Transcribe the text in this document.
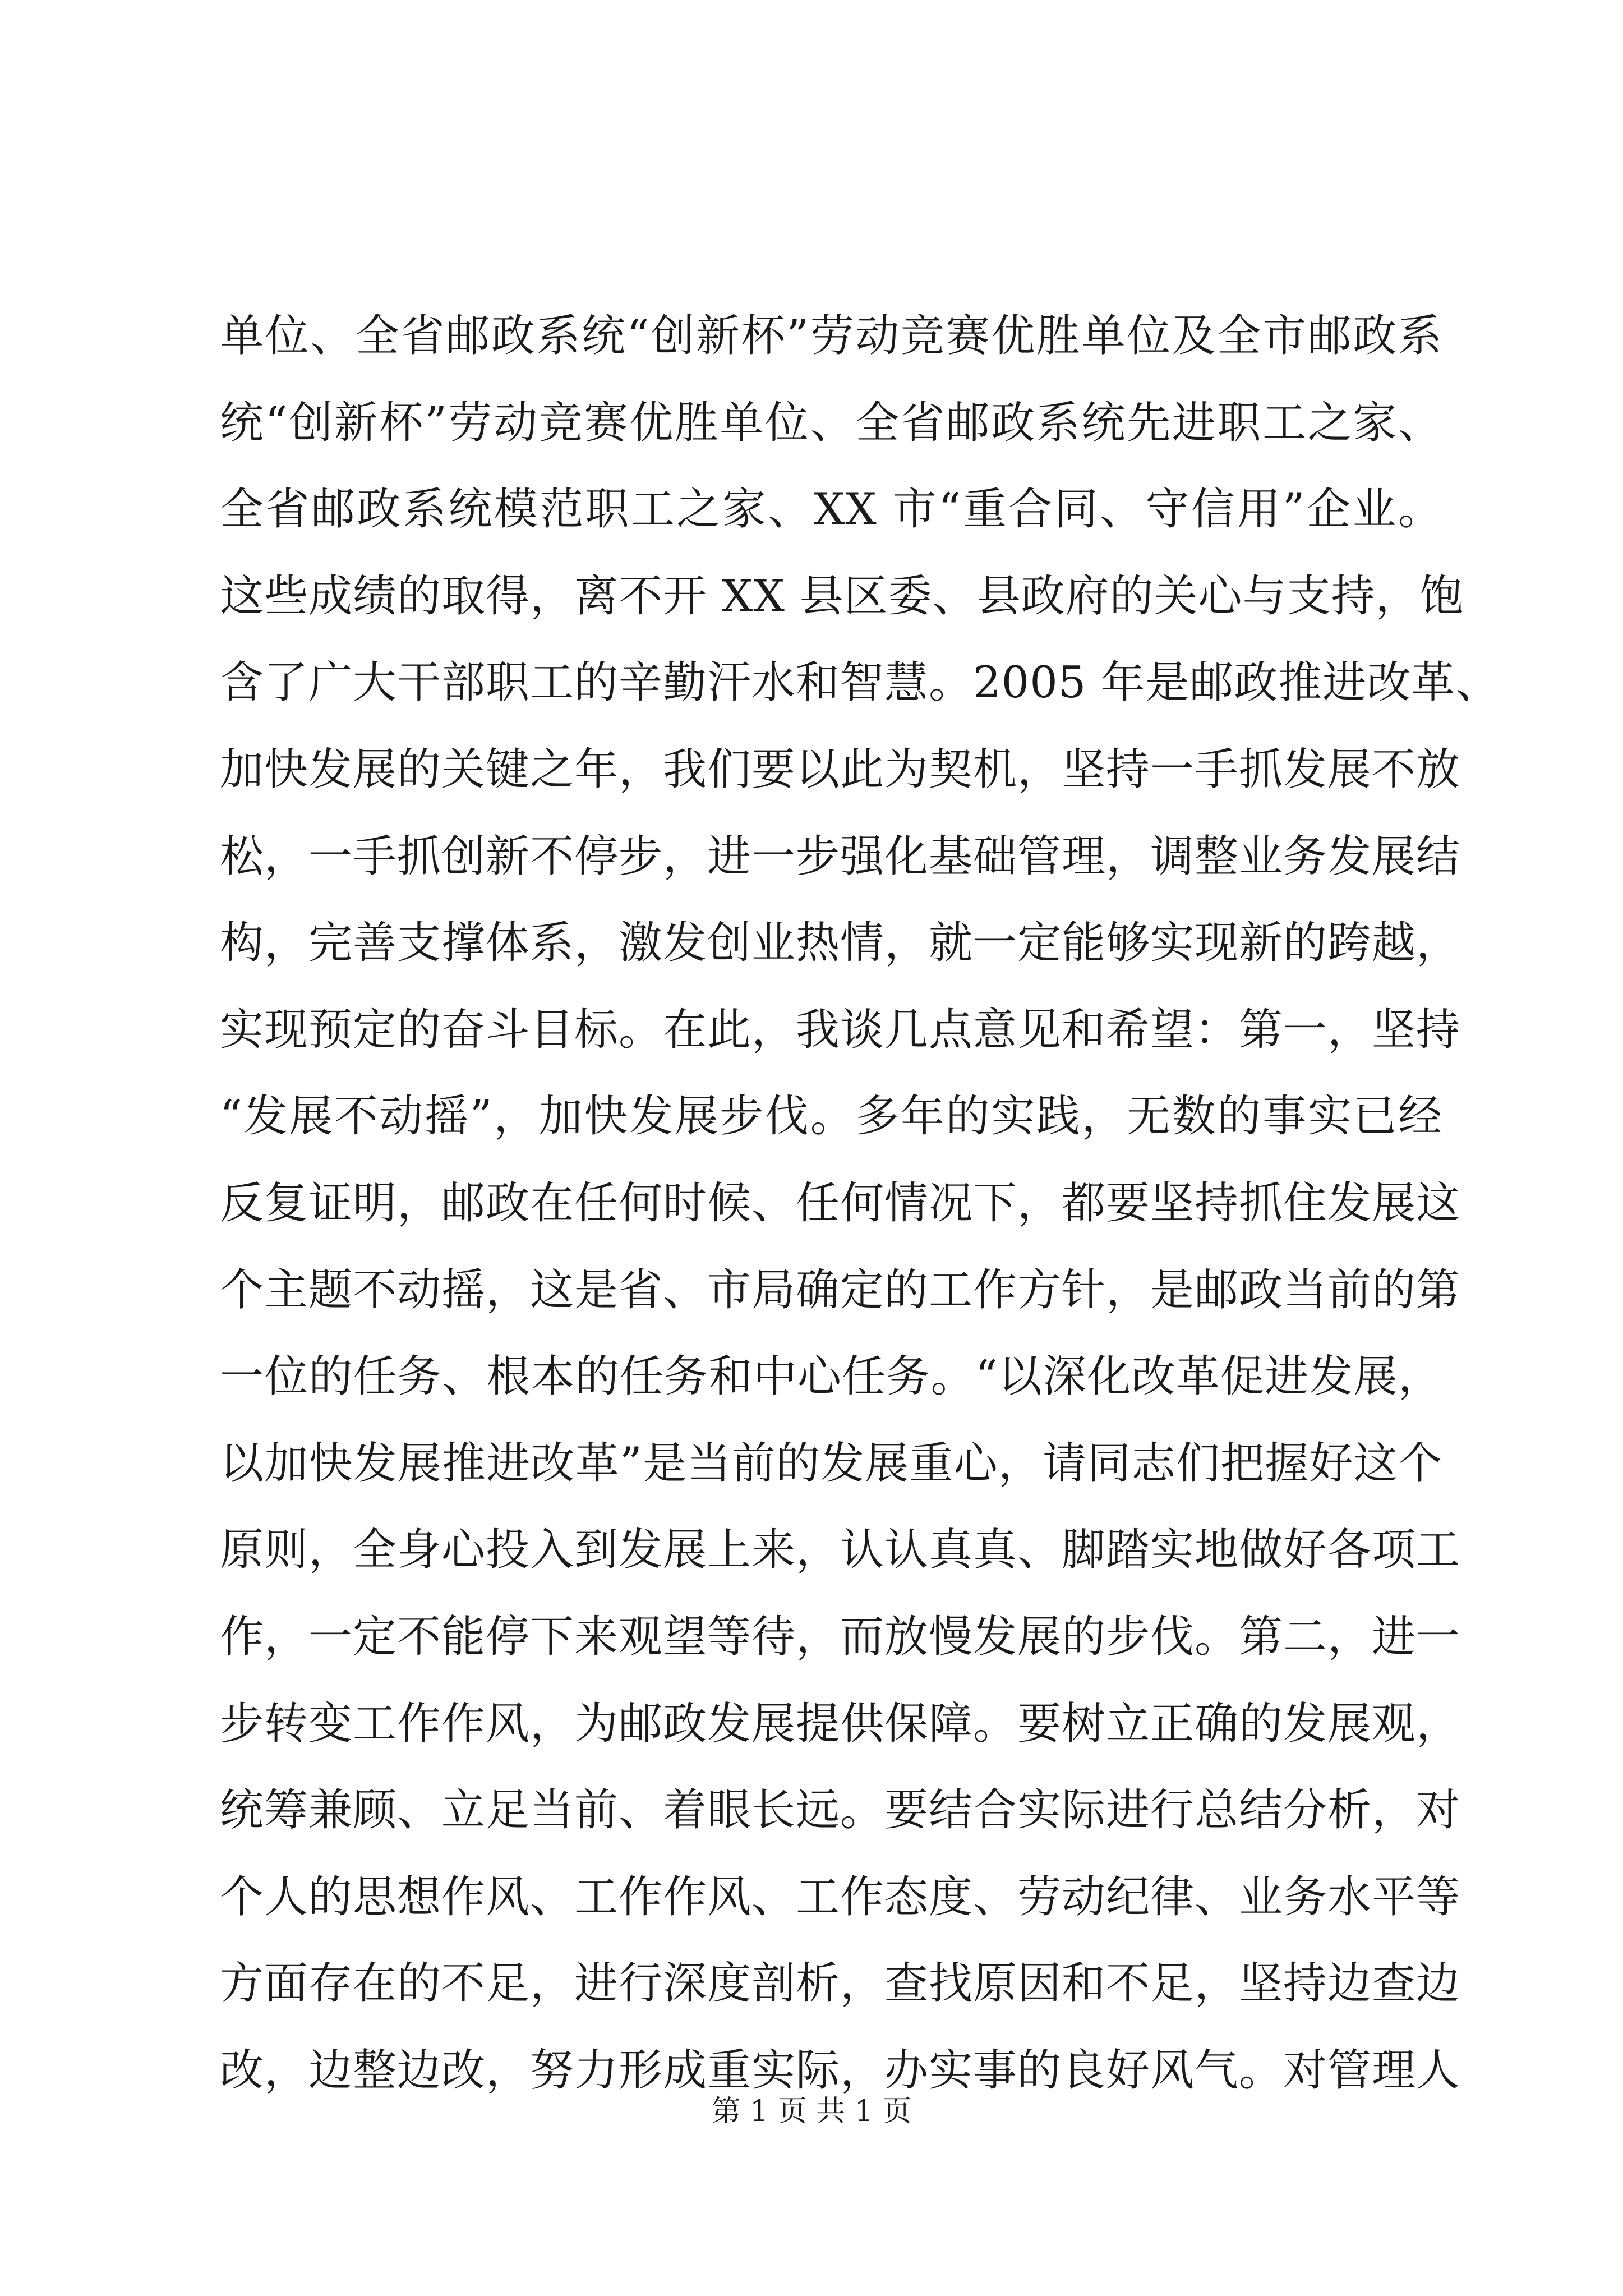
单位、全省邮政系统“创新杯”劳动竞赛优胜单位及全市邮政系
统“创新杯”劳动竞赛优胜单位、全省邮政系统先进职工之家、
全省邮政系统模范职工之家、XX 市“重合同、守信用”企业。
这些成绩的取得，离不开 XX 县区委、县政府的关心与支持，饱
含了广大干部职工的辛勤汗水和智慧。2005 年是邮政推进改革、
加快发展的关键之年，我们要以此为契机，坚持一手抓发展不放
松，一手抓创新不停步，进一步强化基础管理，调整业务发展结
构，完善支撑体系，激发创业热情，就一定能够实现新的跨越，
实现预定的奋斗目标。在此，我谈几点意见和希望：第一，坚持
“发展不动摇”，加快发展步伐。多年的实践，无数的事实已经
反复证明，邮政在任何时候、任何情况下，都要坚持抓住发展这
个主题不动摇，这是省、市局确定的工作方针，是邮政当前的第
一位的任务、根本的任务和中心任务。“以深化改革促进发展，
以加快发展推进改革”是当前的发展重心，请同志们把握好这个
原则，全身心投入到发展上来，认认真真、脚踏实地做好各项工
作，一定不能停下来观望等待，而放慢发展的步伐。第二，进一
步转变工作作风，为邮政发展提供保障。要树立正确的发展观，
统筹兼顾、立足当前、着眼长远。要结合实际进行总结分析，对
个人的思想作风、工作作风、工作态度、劳动纪律、业务水平等
方面存在的不足，进行深度剖析，查找原因和不足，坚持边查边
改，边整边改，努力形成重实际，办实事的良好风气。对管理人
第 1 页 共 1 页
